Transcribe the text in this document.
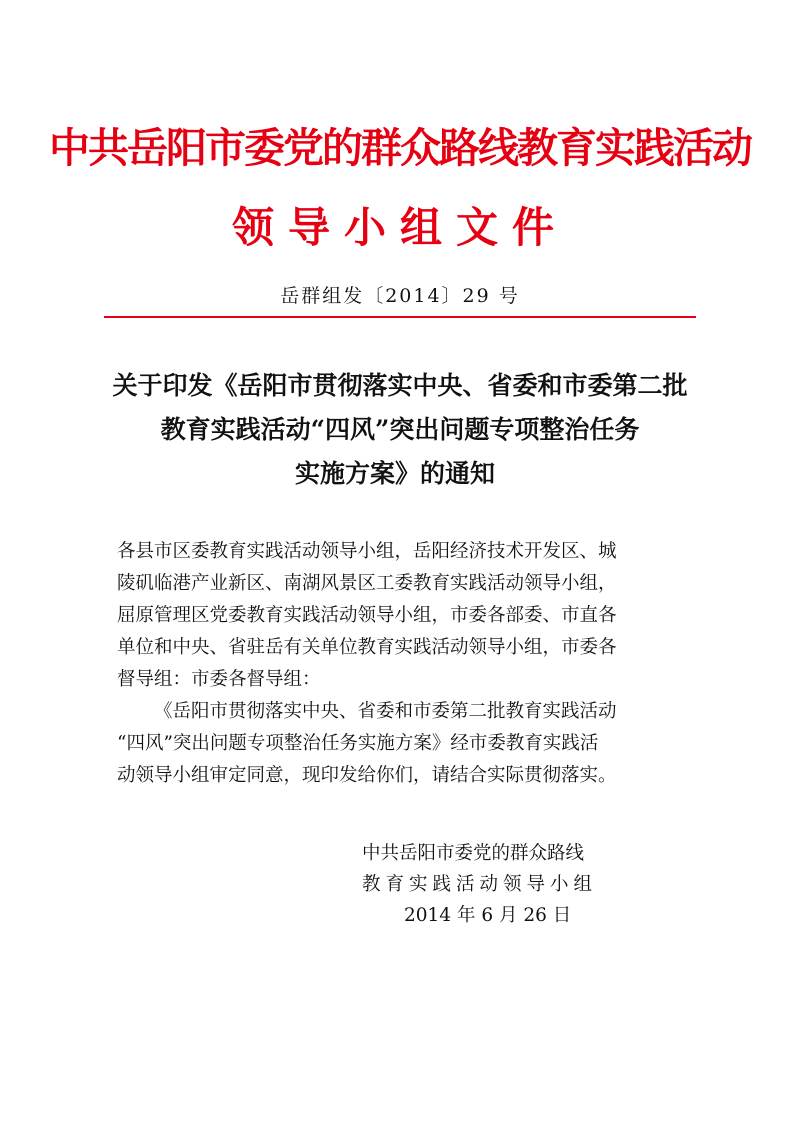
中共岳阳市委党的群众路线教育实践活动
领导小组文件
岳群组发〔2014〕29 号
关于印发《岳阳市贯彻落实中央、省委和市委第二批
教育实践活动“四风”突出问题专项整治任务
实施方案》的通知
各县市区委教育实践活动领导小组，岳阳经济技术开发区、城
陵矶临港产业新区、南湖风景区工委教育实践活动领导小组，
屈原管理区党委教育实践活动领导小组，市委各部委、市直各
单位和中央、省驻岳有关单位教育实践活动领导小组，市委各
督导组：市委各督导组：
《岳阳市贯彻落实中央、省委和市委第二批教育实践活动
“四风”突出问题专项整治任务实施方案》经市委教育实践活
动领导小组审定同意，现印发给你们，请结合实际贯彻落实。
中共岳阳市委党的群众路线
教育实践活动领导小组
2014 年 6 月 26 日
